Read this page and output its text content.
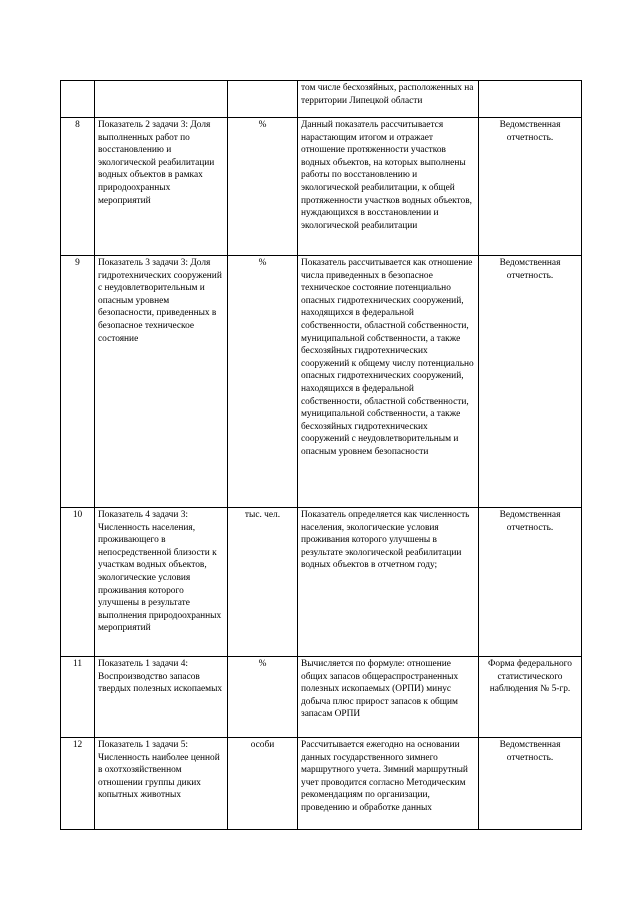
			том числе бесхозяйных, расположенных на территории Липецкой области	
8	Показатель 2 задачи 3: Доля выполненных работ по восстановлению и экологической реабилитации водных объектов в рамках природоохранных мероприятий	%	Данный показатель рассчитывается нарастающим итогом и отражает отношение протяженности участков водных объектов, на которых выполнены работы по восстановлению и экологической реабилитации, к общей протяженности участков водных объектов, нуждающихся в восстановлении и экологической реабилитации	Ведомственная отчетность.
9	Показатель 3 задачи 3: Доля гидротехнических сооружений с неудовлетворительным и опасным уровнем безопасности, приведенных в безопасное техническое состояние	%	Показатель рассчитывается как отношение числа приведенных в безопасное техническое состояние потенциально опасных гидротехнических сооружений, находящихся в федеральной собственности, областной собственности, муниципальной собственности, а также бесхозяйных гидротехнических сооружений к общему числу потенциально опасных гидротехнических сооружений, находящихся в федеральной собственности, областной собственности, муниципальной собственности, а также бесхозяйных гидротехнических сооружений с неудовлетворительным и опасным уровнем безопасности	Ведомственная отчетность.
10	Показатель 4 задачи 3: Численность населения, проживающего в непосредственной близости к участкам водных объектов, экологические условия проживания которого улучшены в результате выполнения природоохранных мероприятий	тыс. чел.	Показатель определяется как численность населения, экологические условия проживания которого улучшены в результате экологической реабилитации водных объектов в отчетном году;	Ведомственная отчетность.
11	Показатель 1 задачи 4: Воспроизводство запасов твердых полезных ископаемых	%	Вычисляется по формуле: отношение общих запасов общераспространенных полезных ископаемых (ОРПИ) минус добыча плюс прирост запасов к общим запасам ОРПИ	Форма федерального статистического наблюдения № 5-гр.
12	Показатель 1 задачи 5: Численность наиболее ценной в охотхозяйственном отношении группы диких копытных животных	особи	Рассчитывается ежегодно на основании данных государственного зимнего маршрутного учета. Зимний маршрутный учет проводится согласно Методическим рекомендациям по организации, проведению и обработке данных	Ведомственная отчетность.
